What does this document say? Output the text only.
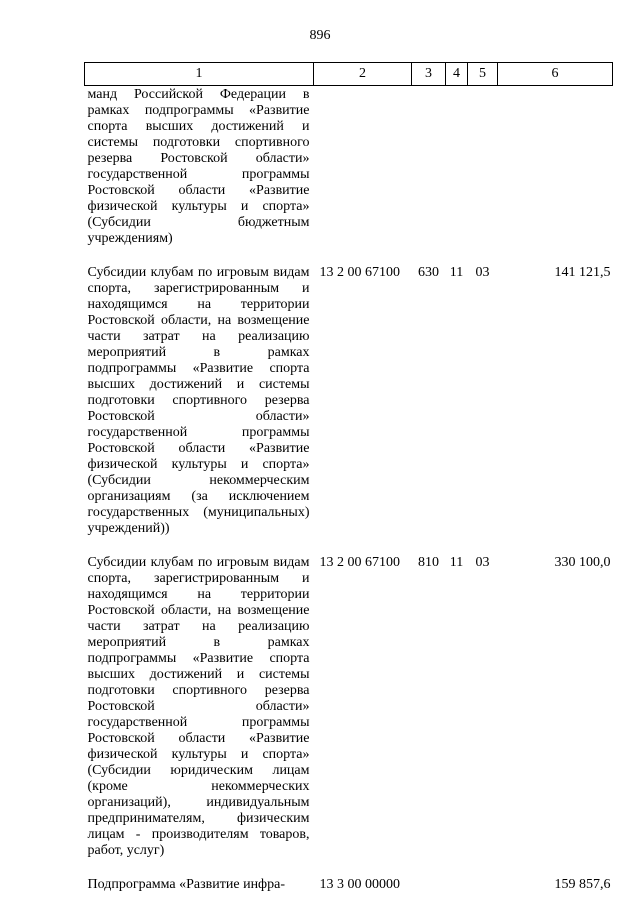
896
1	2	3	4	5	6
манд Российской Федерации в рамках подпрограммы «Развитие спорта высших достижений и системы подготовки спортивного резерва Ростовской области» государственной программы Ростовской области «Развитие физической культуры и спорта» (Субсидии бюджетным учреждениям)					
Субсидии клубам по игровым видам спорта, зарегистрированным и находящимся на территории Ростовской области, на возмещение части затрат на реализацию мероприятий в рамках подпрограммы «Развитие спорта высших достижений и системы подготовки спортивного резерва Ростовской области» государственной программы Ростовской области «Развитие физической культуры и спорта» (Субсидии некоммерческим организациям (за исключением государственных (муниципальных) учреждений))	13 2 00 67100	630	11	03	141 121,5
Субсидии клубам по игровым видам спорта, зарегистрированным и находящимся на территории Ростовской области, на возмещение части затрат на реализацию мероприятий в рамках подпрограммы «Развитие спорта высших достижений и системы подготовки спортивного резерва Ростовской области» государственной программы Ростовской области «Развитие физической культуры и спорта» (Субсидии юридическим лицам (кроме некоммерческих организаций), индивидуальным предпринимателям, физическим лицам - производителям товаров, работ, услуг)	13 2 00 67100	810	11	03	330 100,0
Подпрограмма «Развитие инфра-	13 3 00 00000				159 857,6
